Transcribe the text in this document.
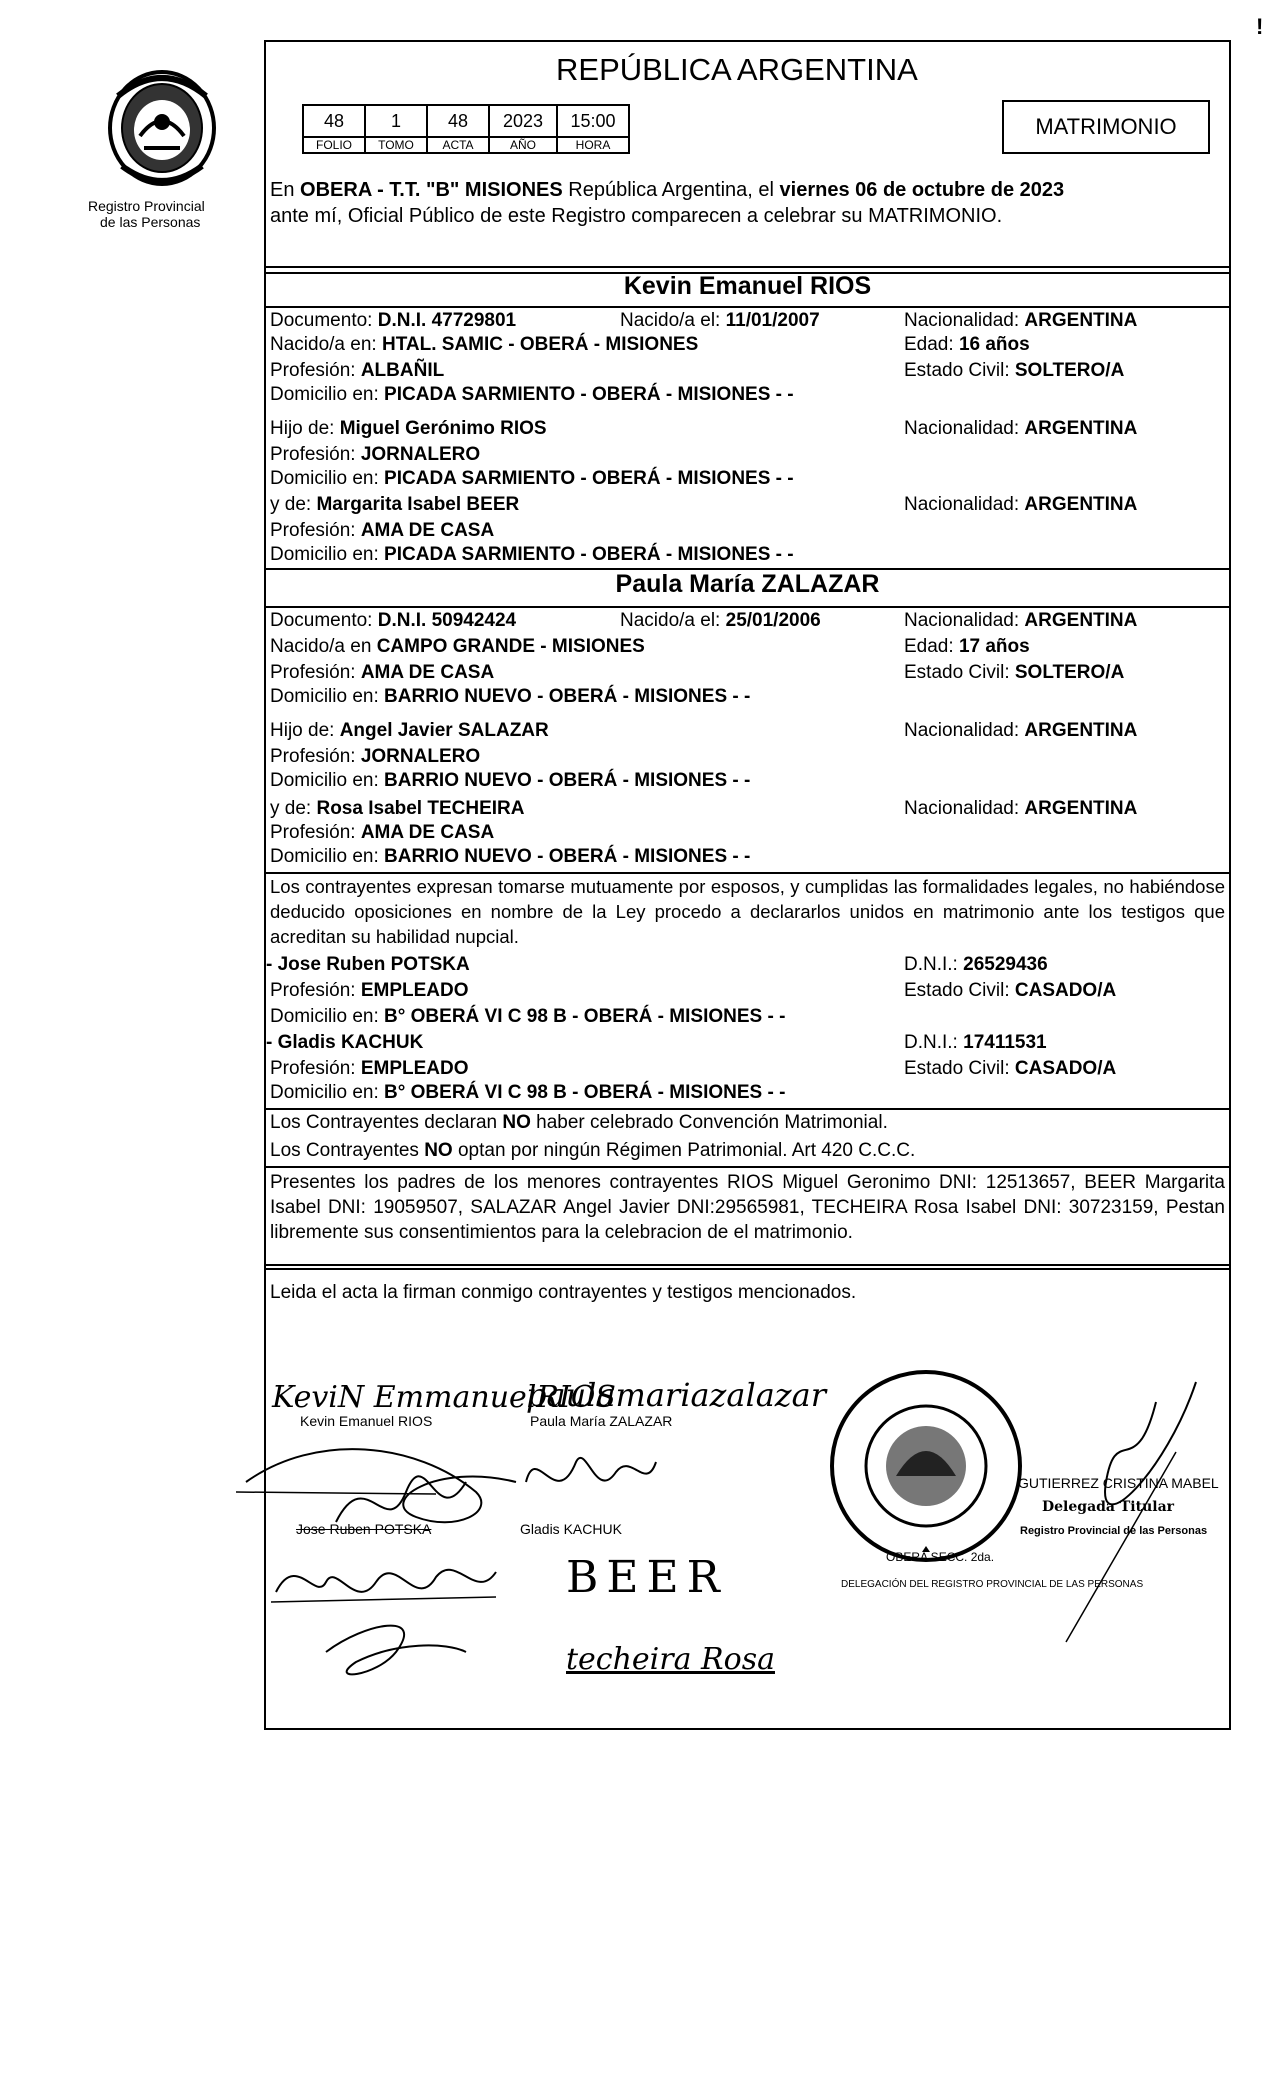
Registro Provincial
de las Personas
!
REPÚBLICA ARGENTINA
48	1	48	2023	15:00
FOLIO	TOMO	ACTA	AÑO	HORA
MATRIMONIO
En OBERA - T.T. "B" MISIONES República Argentina, el viernes 06 de octubre de 2023
ante mí, Oficial Público de este Registro comparecen a celebrar su MATRIMONIO.
Kevin Emanuel RIOS
Documento: D.N.I. 47729801	Nacido/a el: 11/01/2007	Nacionalidad: ARGENTINA
Nacido/a en: HTAL. SAMIC - OBERÁ - MISIONES	Edad: 16 años
Profesión: ALBAÑIL	Estado Civil: SOLTERO/A
Domicilio en: PICADA SARMIENTO - OBERÁ - MISIONES - -
Hijo de: Miguel Gerónimo RIOS	Nacionalidad: ARGENTINA
Profesión: JORNALERO
Domicilio en: PICADA SARMIENTO - OBERÁ - MISIONES - -
y de: Margarita Isabel BEER	Nacionalidad: ARGENTINA
Profesión: AMA DE CASA
Domicilio en: PICADA SARMIENTO - OBERÁ - MISIONES - -
Paula María ZALAZAR
Documento: D.N.I. 50942424	Nacido/a el: 25/01/2006	Nacionalidad: ARGENTINA
Nacido/a en CAMPO GRANDE - MISIONES	Edad: 17 años
Profesión: AMA DE CASA	Estado Civil: SOLTERO/A
Domicilio en: BARRIO NUEVO - OBERÁ - MISIONES - -
Hijo de: Angel Javier SALAZAR	Nacionalidad: ARGENTINA
Profesión: JORNALERO
Domicilio en: BARRIO NUEVO - OBERÁ - MISIONES - -
y de: Rosa Isabel TECHEIRA	Nacionalidad: ARGENTINA
Profesión: AMA DE CASA
Domicilio en: BARRIO NUEVO - OBERÁ - MISIONES - -
Los contrayentes expresan tomarse mutuamente por esposos, y cumplidas las formalidades legales, no habiéndose deducido oposiciones en nombre de la Ley procedo a declararlos unidos en matrimonio ante los testigos que acreditan su habilidad nupcial.
- Jose Ruben POTSKA	D.N.I.: 26529436
Profesión: EMPLEADO	Estado Civil: CASADO/A
Domicilio en: B° OBERÁ VI C 98 B - OBERÁ - MISIONES - -
- Gladis KACHUK	D.N.I.: 17411531
Profesión: EMPLEADO	Estado Civil: CASADO/A
Domicilio en: B° OBERÁ VI C 98 B - OBERÁ - MISIONES - -
Los Contrayentes declaran NO haber celebrado Convención Matrimonial.
Los Contrayentes NO optan por ningún Régimen Patrimonial. Art 420 C.C.C.
Presentes los padres de los menores contrayentes RIOS Miguel Geronimo DNI: 12513657, BEER Margarita Isabel DNI: 19059507, SALAZAR Angel Javier DNI:29565981, TECHEIRA Rosa Isabel DNI: 30723159, Pestan libremente sus consentimientos para la celebracion de el matrimonio.
Leida el acta la firman conmigo contrayentes y testigos mencionados.
KeviN EmmanuelRIOS
paulamariazalazar
Kevin Emanuel RIOS	Paula María ZALAZAR
Jose Ruben POTSKA	Gladis KACHUK
BEER
techeira Rosa
DELEGACIÓN DEL REGISTRO PROVINCIAL DE LAS PERSONAS
OBERA SECC. 2da.
GUTIERREZ CRISTINA MABEL
Delegada Titular
Registro Provincial de las Personas
